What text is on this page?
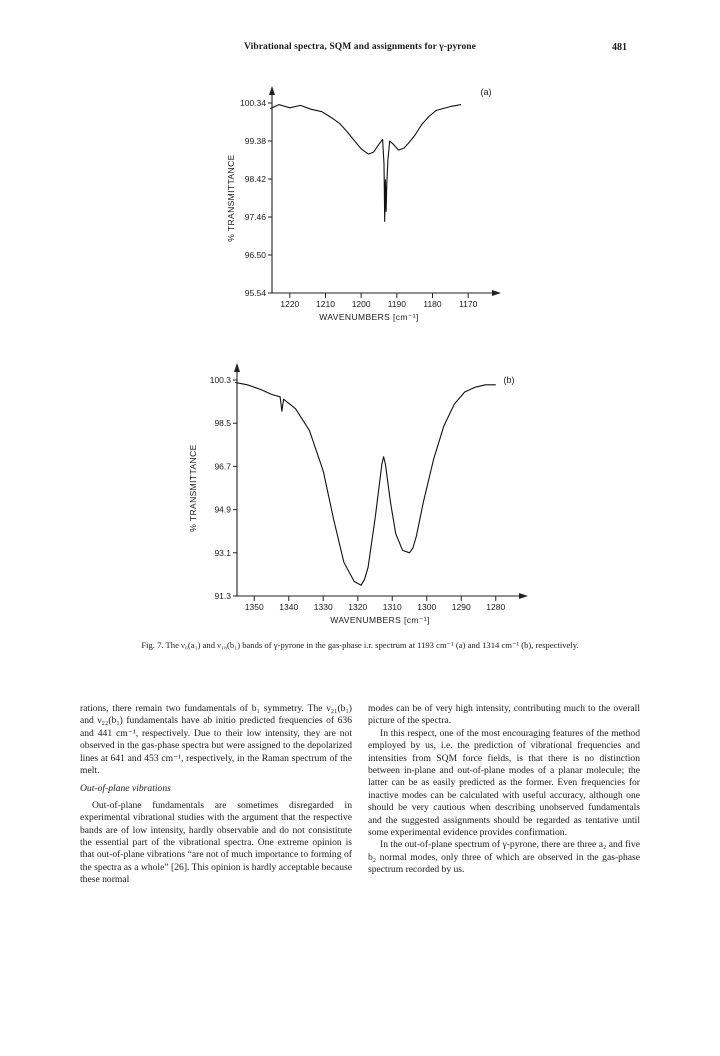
Vibrational spectra, SQM and assignments for γ-pyrone	481
100.34
99.38
98.42
97.46
96.50
95.54
1220 1210 1200 1190 1180 1170
WAVENUMBERS [cm⁻¹]
% TRANSMITTANCE
(a)
100.3
98.5
96.7
94.9
93.1
91.3
1350 1340 1330 1320 1310 1300 1290 1280
WAVENUMBERS [cm⁻¹]
% TRANSMITTANCE
(b)
Fig. 7. The ν₆(a₁) and ν₁₈(b₁) bands of γ-pyrone in the gas-phase i.r. spectrum at 1193 cm⁻¹ (a) and 1314 cm⁻¹ (b), respectively.

rations, there remain two fundamentals of b₁ symmetry. The ν₂₁(b₁) and ν₂₂(b₁) fundamentals have ab initio predicted frequencies of 636 and 441 cm⁻¹, respectively. Due to their low intensity, they are not observed in the gas-phase spectra but were assigned to the depolarized lines at 641 and 453 cm⁻¹, respectively, in the Raman spectrum of the melt.

Out-of-plane vibrations

Out-of-plane fundamentals are sometimes disregarded in experimental vibrational studies with the argument that the respective bands are of low intensity, hardly observable and do not consistitute the essential part of the vibrational spectra. One extreme opinion is that out-of-plane vibrations “are not of much importance to forming of the spectra as a whole” [26]. This opinion is hardly acceptable because these normal

modes can be of very high intensity, contributing much to the overall picture of the spectra.

In this respect, one of the most encouraging features of the method employed by us, i.e. the prediction of vibrational frequencies and intensities from SQM force fields, is that there is no distinction between in-plane and out-of-plane modes of a planar molecule; the latter can be as easily predicted as the former. Even frequencies for inactive modes can be calculated with useful accuracy, although one should be very cautious when describing unobserved fundamentals and the suggested assignments should be regarded as tentative until some experimental evidence provides confirmation.

In the out-of-plane spectrum of γ-pyrone, there are three a₂ and five b₂ normal modes, only three of which are observed in the gas-phase spectrum recorded by us.
